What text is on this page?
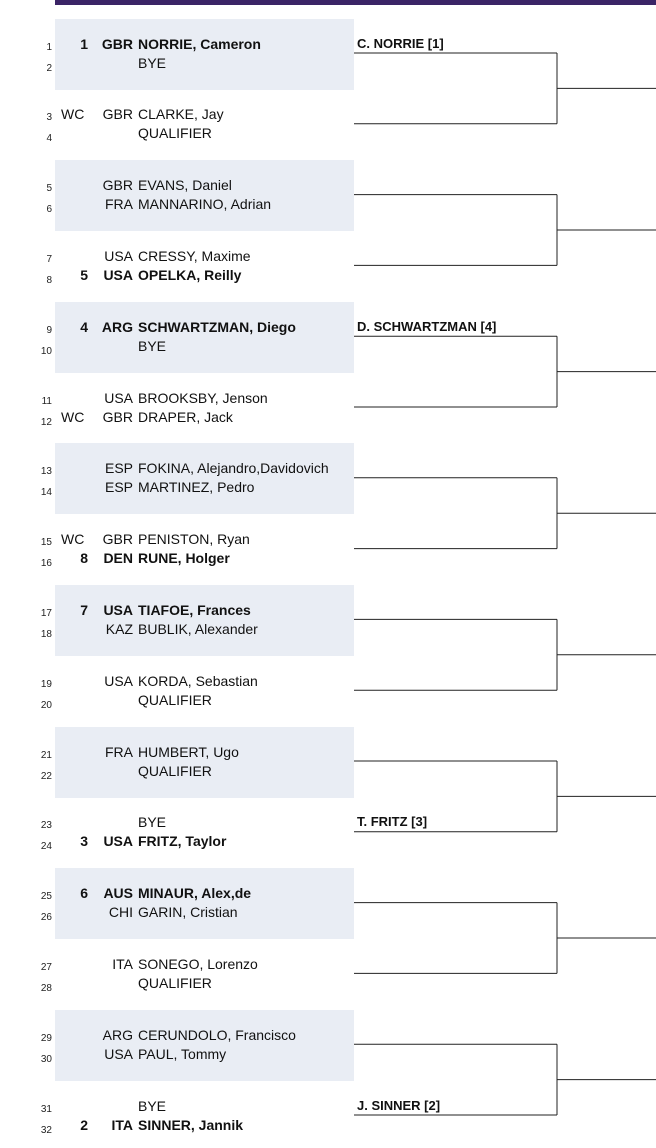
1	1 GBR NORRIE, Cameron
2	BYE
C. NORRIE [1]
3 WC	GBR CLARKE, Jay
4	QUALIFIER
5	GBR EVANS, Daniel
6	FRA MANNARINO, Adrian
7	USA CRESSY, Maxime
8	5	USA OPELKA, Reilly
9	4 ARG SCHWARTZMAN, Diego
10	BYE
D. SCHWARTZMAN [4]
11	USA BROOKSBY, Jenson
12 WC	GBR DRAPER, Jack
13	ESP FOKINA, Alejandro,Davidovich
14	ESP MARTINEZ, Pedro
15 WC	GBR PENISTON, Ryan
16	8	DEN RUNE, Holger
17	7	USA TIAFOE, Frances
18	KAZ BUBLIK, Alexander
19	USA KORDA, Sebastian
20	QUALIFIER
21	FRA HUMBERT, Ugo
22	QUALIFIER
23	BYE
24	3	USA FRITZ, Taylor
T. FRITZ [3]
25	6	AUS MINAUR, Alex,de
26	CHI GARIN, Cristian
27	ITA SONEGO, Lorenzo
28	QUALIFIER
29	ARG CERUNDOLO, Francisco
30	USA PAUL, Tommy
31	BYE
32	2	ITA SINNER, Jannik
J. SINNER [2]
